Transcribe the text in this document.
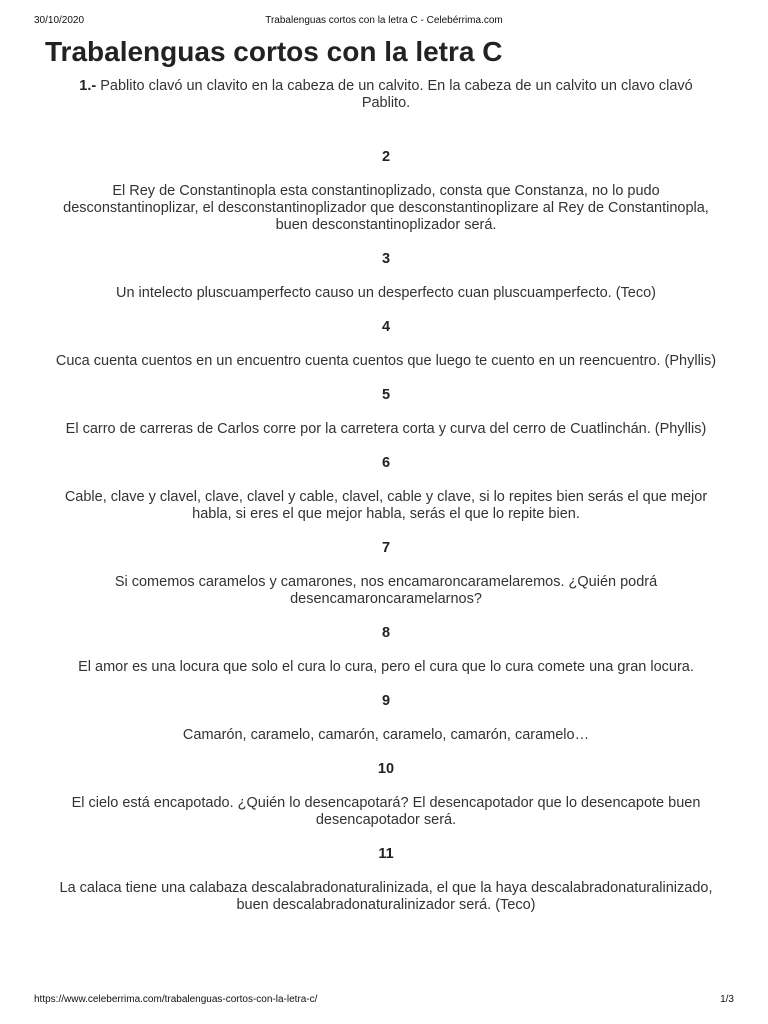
30/10/2020	Trabalenguas cortos con la letra C - Celebérrima.com
Trabalenguas cortos con la letra C

1.- Pablito clavó un clavito en la cabeza de un calvito. En la cabeza de un calvito un clavo clavó Pablito.

2

El Rey de Constantinopla esta constantinoplizado, consta que Constanza, no lo pudo desconstantinoplizar, el desconstantinoplizador que desconstantinoplizare al Rey de Constantinopla, buen desconstantinoplizador será.

3

Un intelecto pluscuamperfecto causo un desperfecto cuan pluscuamperfecto. (Teco)

4

Cuca cuenta cuentos en un encuentro cuenta cuentos que luego te cuento en un reencuentro. (Phyllis)

5

El carro de carreras de Carlos corre por la carretera corta y curva del cerro de Cuatlinchán. (Phyllis)

6

Cable, clave y clavel, clave, clavel y cable, clavel, cable y clave, si lo repites bien serás el que mejor habla, si eres el que mejor habla, serás el que lo repite bien.

7

Si comemos caramelos y camarones, nos encamaroncaramelaremos. ¿Quién podrá desencamaroncaramelarnos?

8

El amor es una locura que solo el cura lo cura, pero el cura que lo cura comete una gran locura.

9

Camarón, caramelo, camarón, caramelo, camarón, caramelo…

10

El cielo está encapotado. ¿Quién lo desencapotará? El desencapotador que lo desencapote buen desencapotador será.

11

La calaca tiene una calabaza descalabradonaturalinizada, el que la haya descalabradonaturalinizado, buen descalabradonaturalinizador será. (Teco)

https://www.celeberrima.com/trabalenguas-cortos-con-la-letra-c/	1/3
